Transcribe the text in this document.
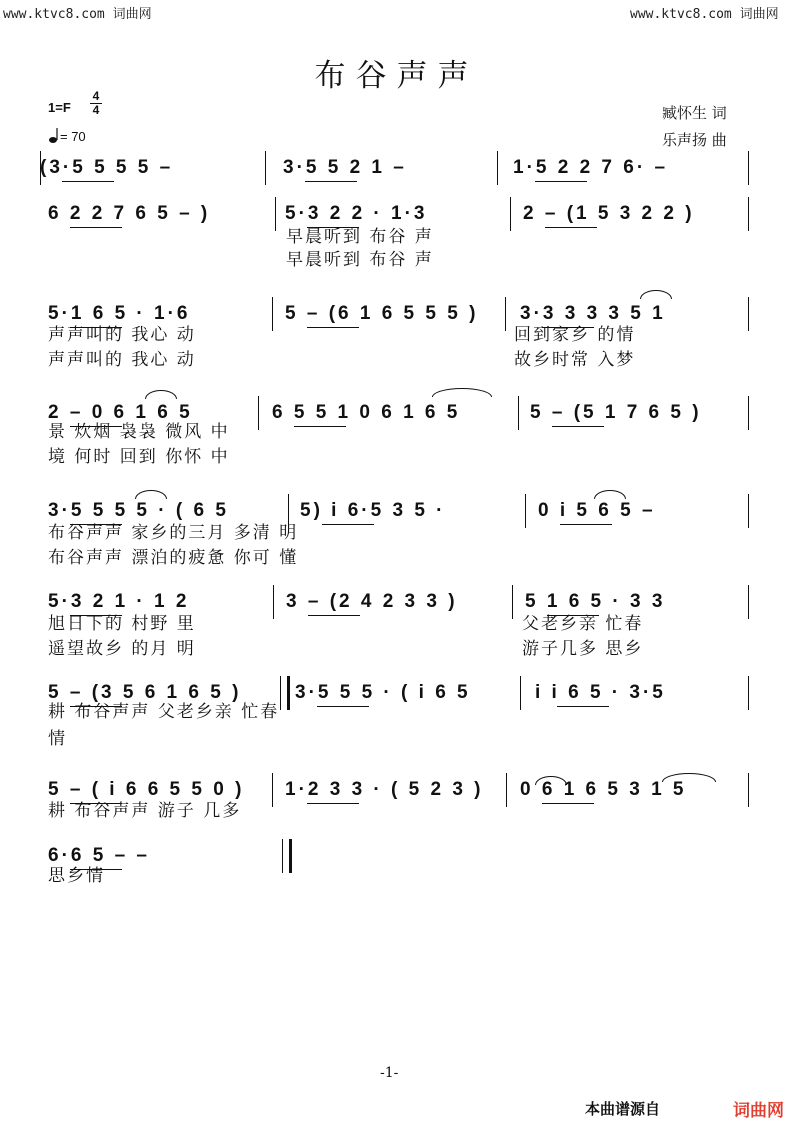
www.ktvc8.com 词曲网	www.ktvc8.com 词曲网
布谷声声
$1=F \frac{4}{4}$
= 70
臧怀生 词
乐声扬 曲
(3·5 5 5 5 –	3·5 5 2 1 –	1·5 2 2 7 6· –
6 2 2 7 6 5 – )	5·3 2 2 · 1·3	2 – (1 5 3 2 2 )
早晨听到 布谷 声
早晨听到 布谷 声
5·1 6 5 · 1·6	5 – (6 1 6 5 5 5 ) 3·3 3 3 3 5 1
声声叫的 我心 动
声声叫的 我心 动
回到家乡 的情
故乡时常 入梦
2 – 0 6 1 6 5	6 5 5 1 0 6 1 6 5	5 – (5 1 7 6 5 )
景 炊烟 袅袅 微风 中
境 何时 回到 你怀 中
3·5 5 5 5 · ( 6 5	5) i 6·5 3 5 ·	0 i 5 6 5 –
布谷声声 家乡的三月 多清 明
布谷声声 漂泊的疲惫 你可 懂
5·3 2 1 · 1 2	3 – (2 4 2 3 3 )	5 1 6 5 · 3 3
旭日下的 村野 里
遥望故乡 的月 明
父老乡亲 忙春
游子几多 思乡
5 – (3 5 6 1 6 5 )	3·5 5 5 · ( i 6 5	i i 6 5 · 3·5
耕 布谷声声 父老乡亲 忙春
情
5 – ( i 6 6 5 5 0 ) 1·2 3 3 · ( 5 2 3 ) 0 6 1 6 5 3 1 5
耕 布谷声声 游子 几多
6·6 5 – –
思乡情
-1-
本曲谱源自	词曲网
